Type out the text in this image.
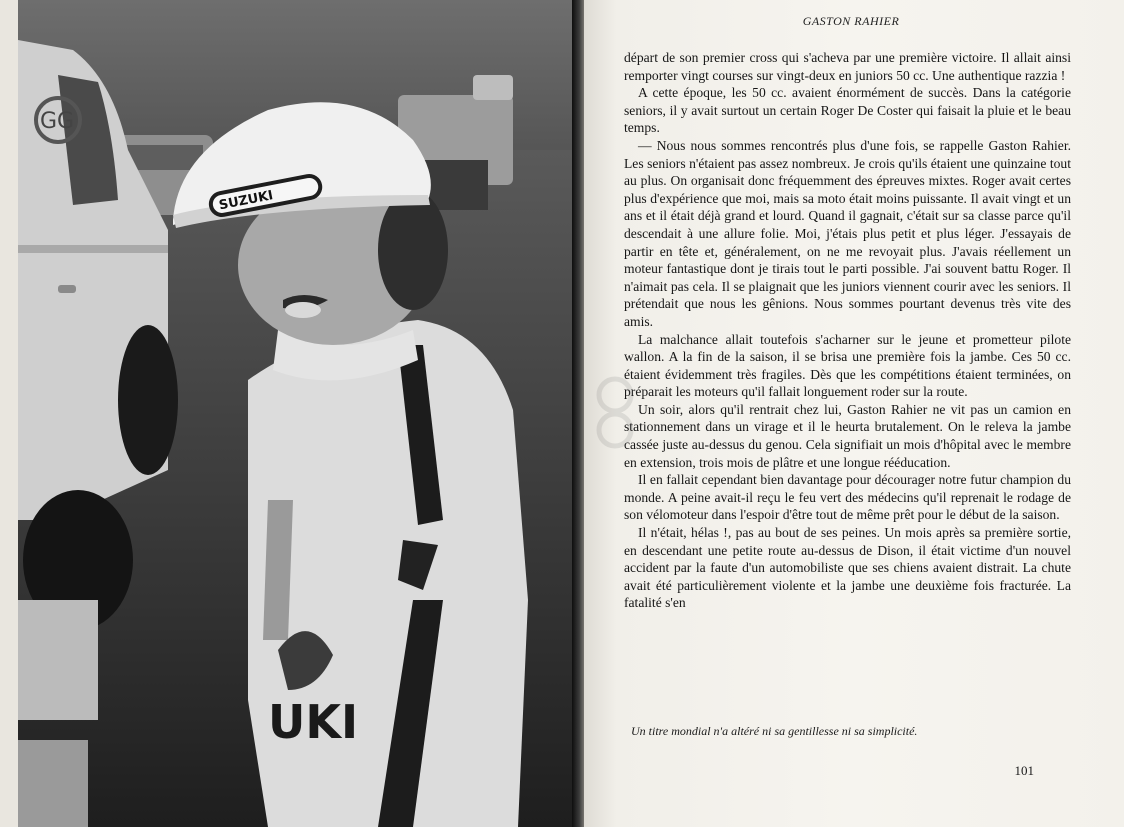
GG
UKI
SUZUKI
GASTON RAHIER

départ de son premier cross qui s'acheva par une première victoire. Il allait ainsi remporter vingt courses sur vingt-deux en juniors 50 cc. Une authentique razzia !

A cette époque, les 50 cc. avaient énormément de succès. Dans la catégorie seniors, il y avait surtout un certain Roger De Coster qui faisait la pluie et le beau temps.

— Nous nous sommes rencontrés plus d'une fois, se rappelle Gaston Rahier. Les seniors n'étaient pas assez nombreux. Je crois qu'ils étaient une quinzaine tout au plus. On organisait donc fréquemment des épreuves mixtes. Roger avait certes plus d'expérience que moi, mais sa moto était moins puissante. Il avait vingt et un ans et il était déjà grand et lourd. Quand il gagnait, c'était sur sa classe parce qu'il descendait à une allure folie. Moi, j'étais plus petit et plus léger. J'essayais de partir en tête et, généralement, on ne me revoyait plus. J'avais réellement un moteur fantastique dont je tirais tout le parti possible. J'ai souvent battu Roger. Il n'aimait pas cela. Il se plaignait que les juniors viennent courir avec les seniors. Il prétendait que nous les gênions. Nous sommes pourtant devenus très vite des amis.

La malchance allait toutefois s'acharner sur le jeune et prometteur pilote wallon. A la fin de la saison, il se brisa une première fois la jambe. Ces 50 cc. étaient évidemment très fragiles. Dès que les compétitions étaient terminées, on préparait les moteurs qu'il fallait longuement roder sur la route.

Un soir, alors qu'il rentrait chez lui, Gaston Rahier ne vit pas un camion en stationnement dans un virage et il le heurta brutalement. On le releva la jambe cassée juste au-dessus du genou. Cela signifiait un mois d'hôpital avec le membre en extension, trois mois de plâtre et une longue rééducation.

Il en fallait cependant bien davantage pour décourager notre futur champion du monde. A peine avait-il reçu le feu vert des médecins qu'il reprenait le rodage de son vélomoteur dans l'espoir d'être tout de même prêt pour le début de la saison.

Il n'était, hélas !, pas au bout de ses peines. Un mois après sa première sortie, en descendant une petite route au-dessus de Dison, il était victime d'un nouvel accident par la faute d'un automobiliste que ses chiens avaient distrait. La chute avait été particulièrement violente et la jambe une deuxième fois fracturée. La fatalité s'en

Un titre mondial n'a altéré ni sa gentillesse ni sa simplicité.
101
